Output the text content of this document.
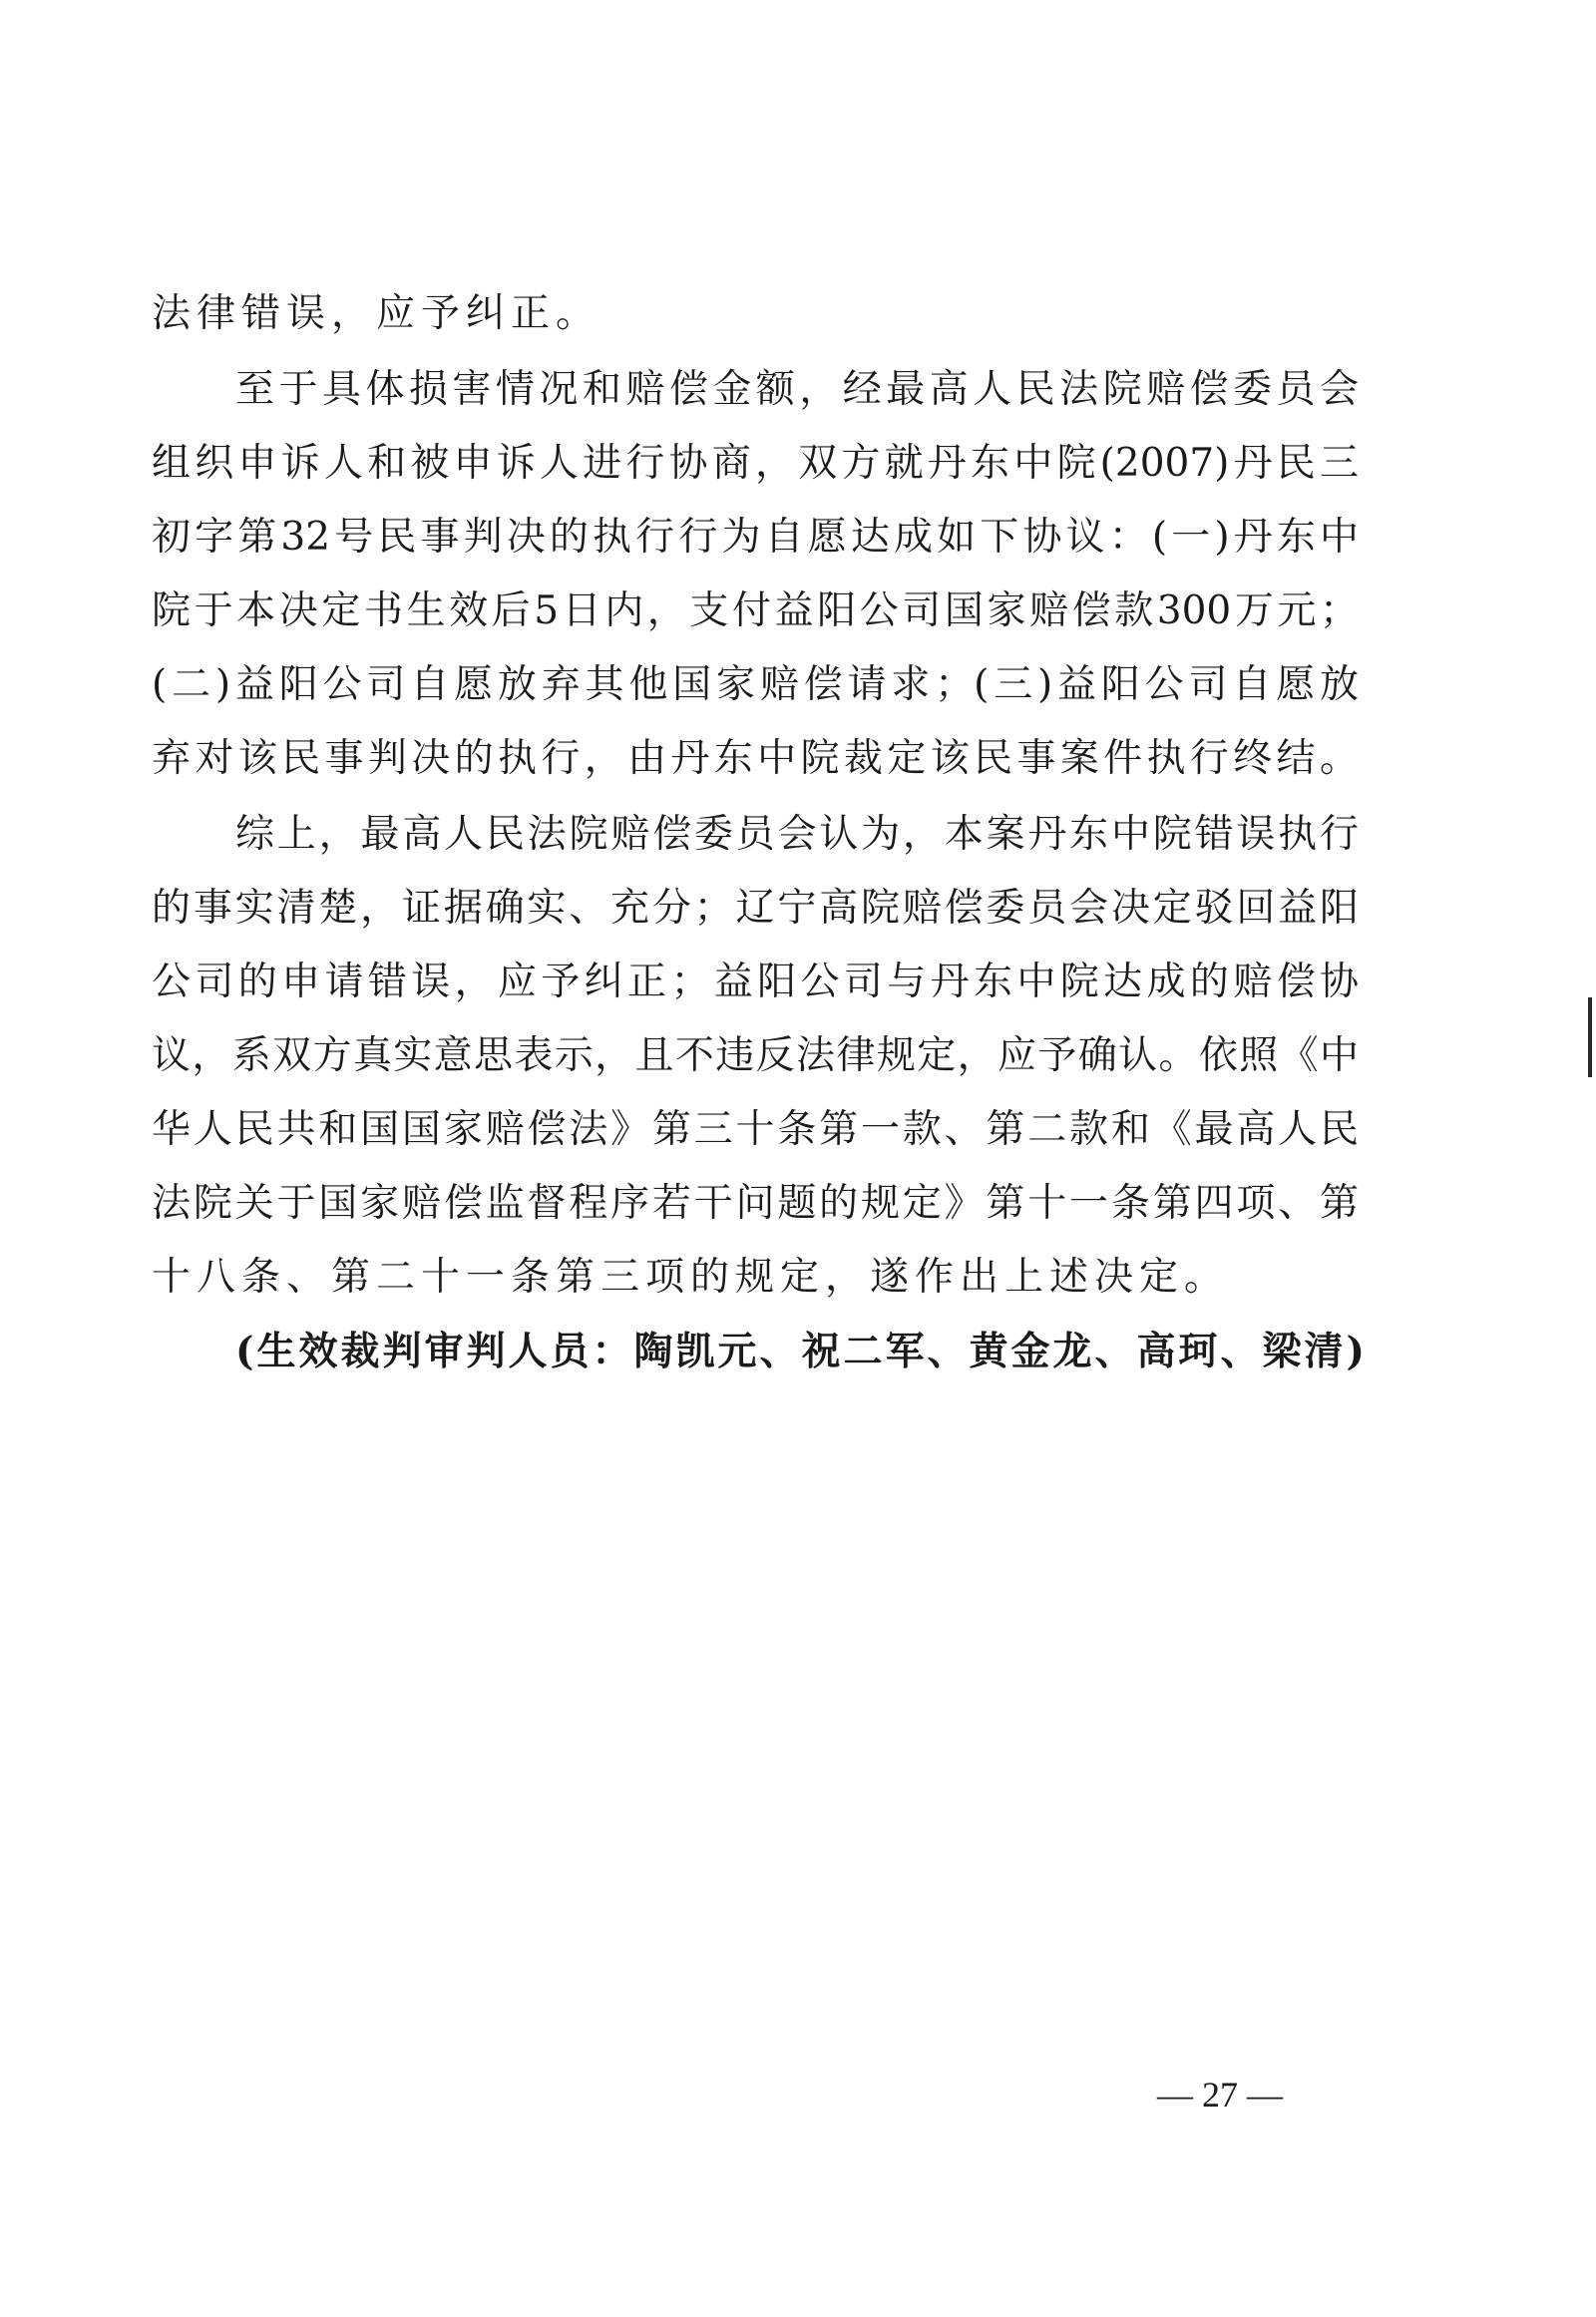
法律错误，应予纠正。
至于具体损害情况和赔偿金额，经最高人民法院赔偿委员会
组织申诉人和被申诉人进行协商，双方就丹东中院(2007)丹民三
初字第32号民事判决的执行行为自愿达成如下协议：(一)丹东中
院于本决定书生效后5日内，支付益阳公司国家赔偿款300万元；
(二)益阳公司自愿放弃其他国家赔偿请求；(三)益阳公司自愿放
弃对该民事判决的执行，由丹东中院裁定该民事案件执行终结。
综上，最高人民法院赔偿委员会认为，本案丹东中院错误执行
的事实清楚，证据确实、充分；辽宁高院赔偿委员会决定驳回益阳
公司的申请错误，应予纠正；益阳公司与丹东中院达成的赔偿协
议，系双方真实意思表示，且不违反法律规定，应予确认。依照《中
华人民共和国国家赔偿法》第三十条第一款、第二款和《最高人民
法院关于国家赔偿监督程序若干问题的规定》第十一条第四项、第
十八条、第二十一条第三项的规定，遂作出上述决定。
(生效裁判审判人员：陶凯元、祝二军、黄金龙、高珂、梁清)
— 27 —
